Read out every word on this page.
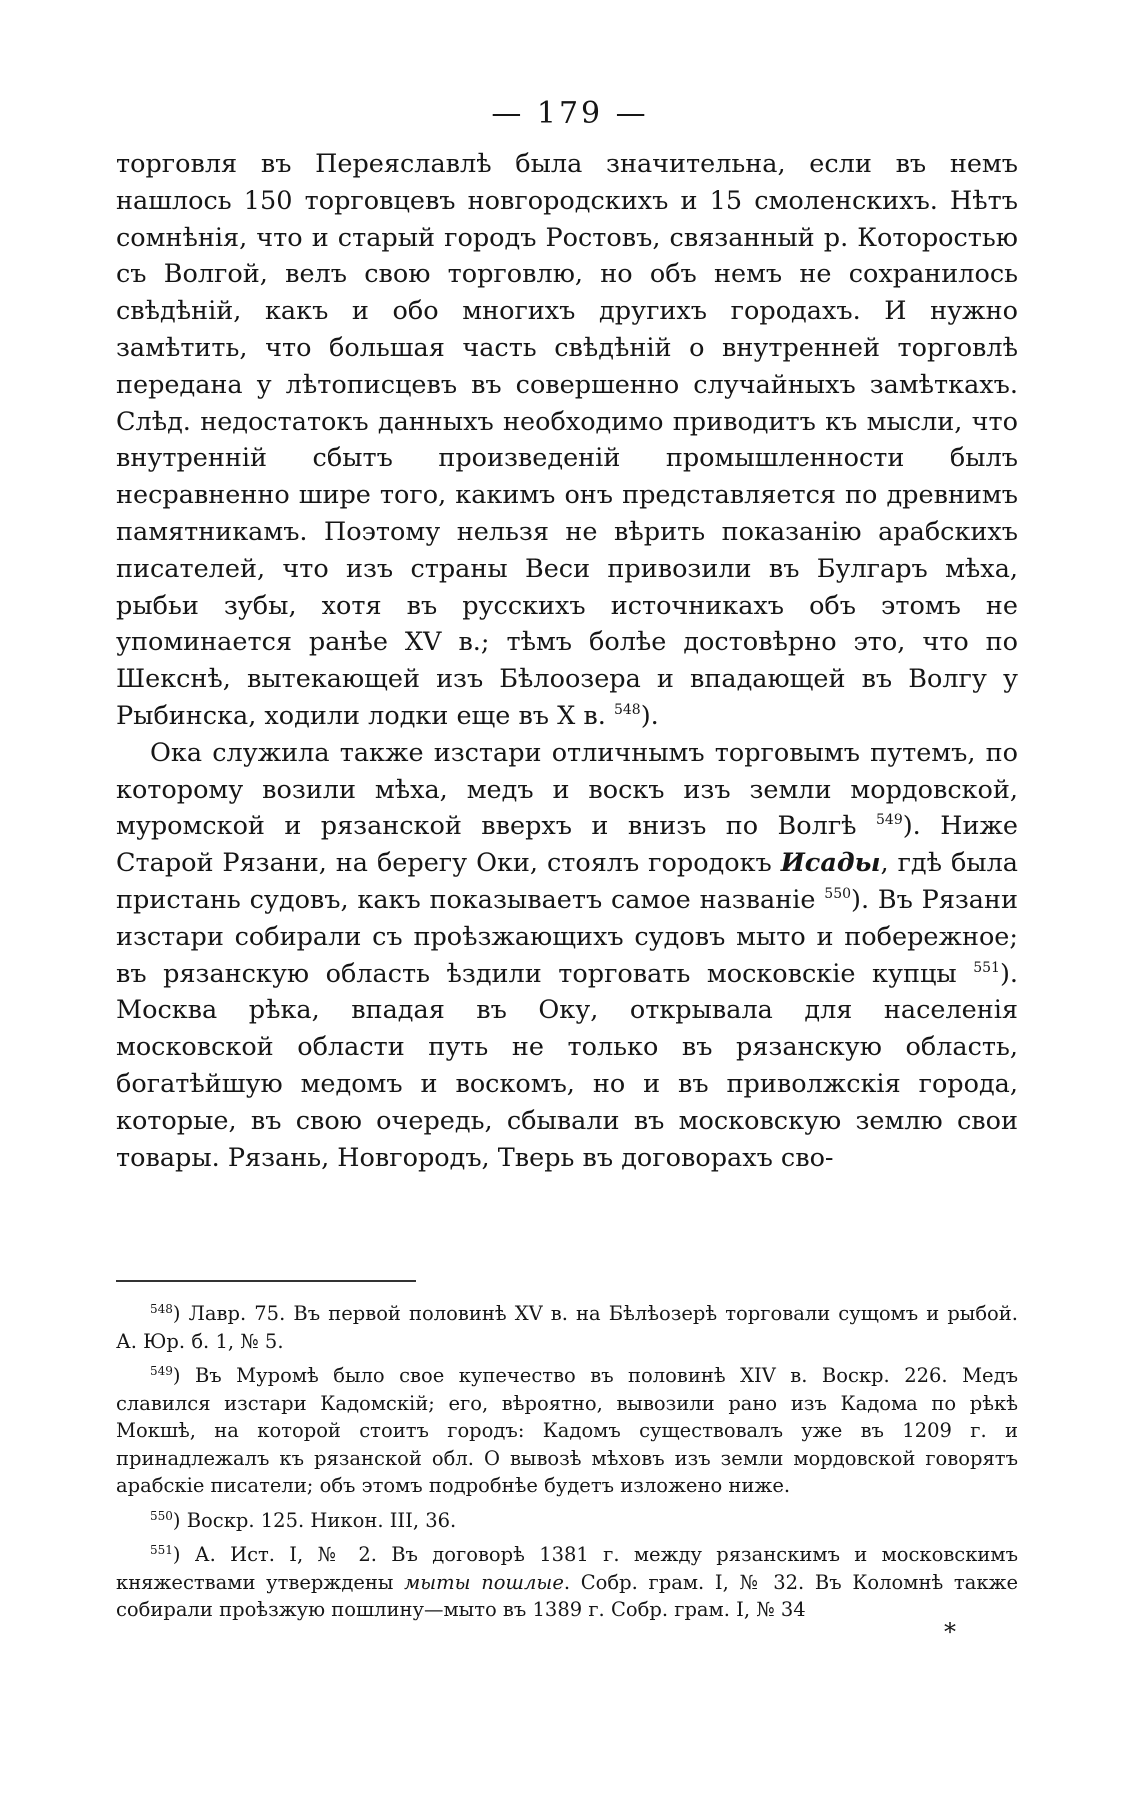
— 179 —

торговля въ Переяславлѣ была значительна, если въ немъ нашлось 150 торговцевъ новгородскихъ и 15 смоленскихъ. Нѣтъ сомнѣнія, что и старый городъ Ростовъ, связанный р. Которостью съ Волгой, велъ свою торговлю, но объ немъ не сохранилось свѣдѣній, какъ и обо многихъ другихъ городахъ. И нужно замѣтить, что большая часть свѣдѣній о внутренней торговлѣ передана у лѣтописцевъ въ совершенно случайныхъ замѣткахъ. Слѣд. недостатокъ данныхъ необходимо приводитъ къ мысли, что внутренній сбытъ произведеній промышленности былъ несравненно шире того, какимъ онъ представляется по древнимъ памятникамъ. Поэтому нельзя не вѣрить показанію арабскихъ писателей, что изъ страны Веси привозили въ Булгаръ мѣха, рыбьи зубы, хотя въ русскихъ источникахъ объ этомъ не упоминается ранѣе XV в.; тѣмъ болѣе достовѣрно это, что по Шекснѣ, вытекающей изъ Бѣлоозера и впадающей въ Волгу у Рыбинска, ходили лодки еще въ X в. $^{548}$).

Ока служила также изстари отличнымъ торговымъ путемъ, по которому возили мѣха, медъ и воскъ изъ земли мордовской, муромской и рязанской вверхъ и внизъ по Волгѣ $^{549}$). Ниже Старой Рязани, на берегу Оки, стоялъ городокъ Исады, гдѣ была пристань судовъ, какъ показываетъ самое названіе $^{550}$). Въ Рязани изстари собирали съ проѣзжающихъ судовъ мыто и побережное; въ рязанскую область ѣздили торговать московскіе купцы $^{551}$). Москва рѣка, впадая въ Оку, открывала для населенія московской области путь не только въ рязанскую область, богатѣйшую медомъ и воскомъ, но и въ приволжскія города, которые, въ свою очередь, сбывали въ московскую землю свои товары. Рязань, Новгородъ, Тверь въ договорахъ сво-

$^{548}$) Лавр. 75. Въ первой половинѣ XV в. на Бѣлѣозерѣ торговали сущомъ и рыбой. А. Юр. б. 1, № 5.

$^{549}$) Въ Муромѣ было свое купечество въ половинѣ XIV в. Воскр. 226. Медъ славился изстари Кадомскій; его, вѣроятно, вывозили рано изъ Кадома по рѣкѣ Мокшѣ, на которой стоитъ городъ: Кадомъ существовалъ уже въ 1209 г. и принадлежалъ къ рязанской обл. О вывозѣ мѣховъ изъ земли мордовской говорятъ арабскіе писатели; объ этомъ подробнѣе будетъ изложено ниже.

$^{550}$) Воскр. 125. Никон. III, 36.

$^{551}$) А. Ист. I, № 2. Въ договорѣ 1381 г. между рязанскимъ и московскимъ княжествами утверждены мыты пошлые. Собр. грам. I, № 32. Въ Коломнѣ также собирали проѣзжую пошлину—мыто въ 1389 г. Собр. грам. I, № 34

*
